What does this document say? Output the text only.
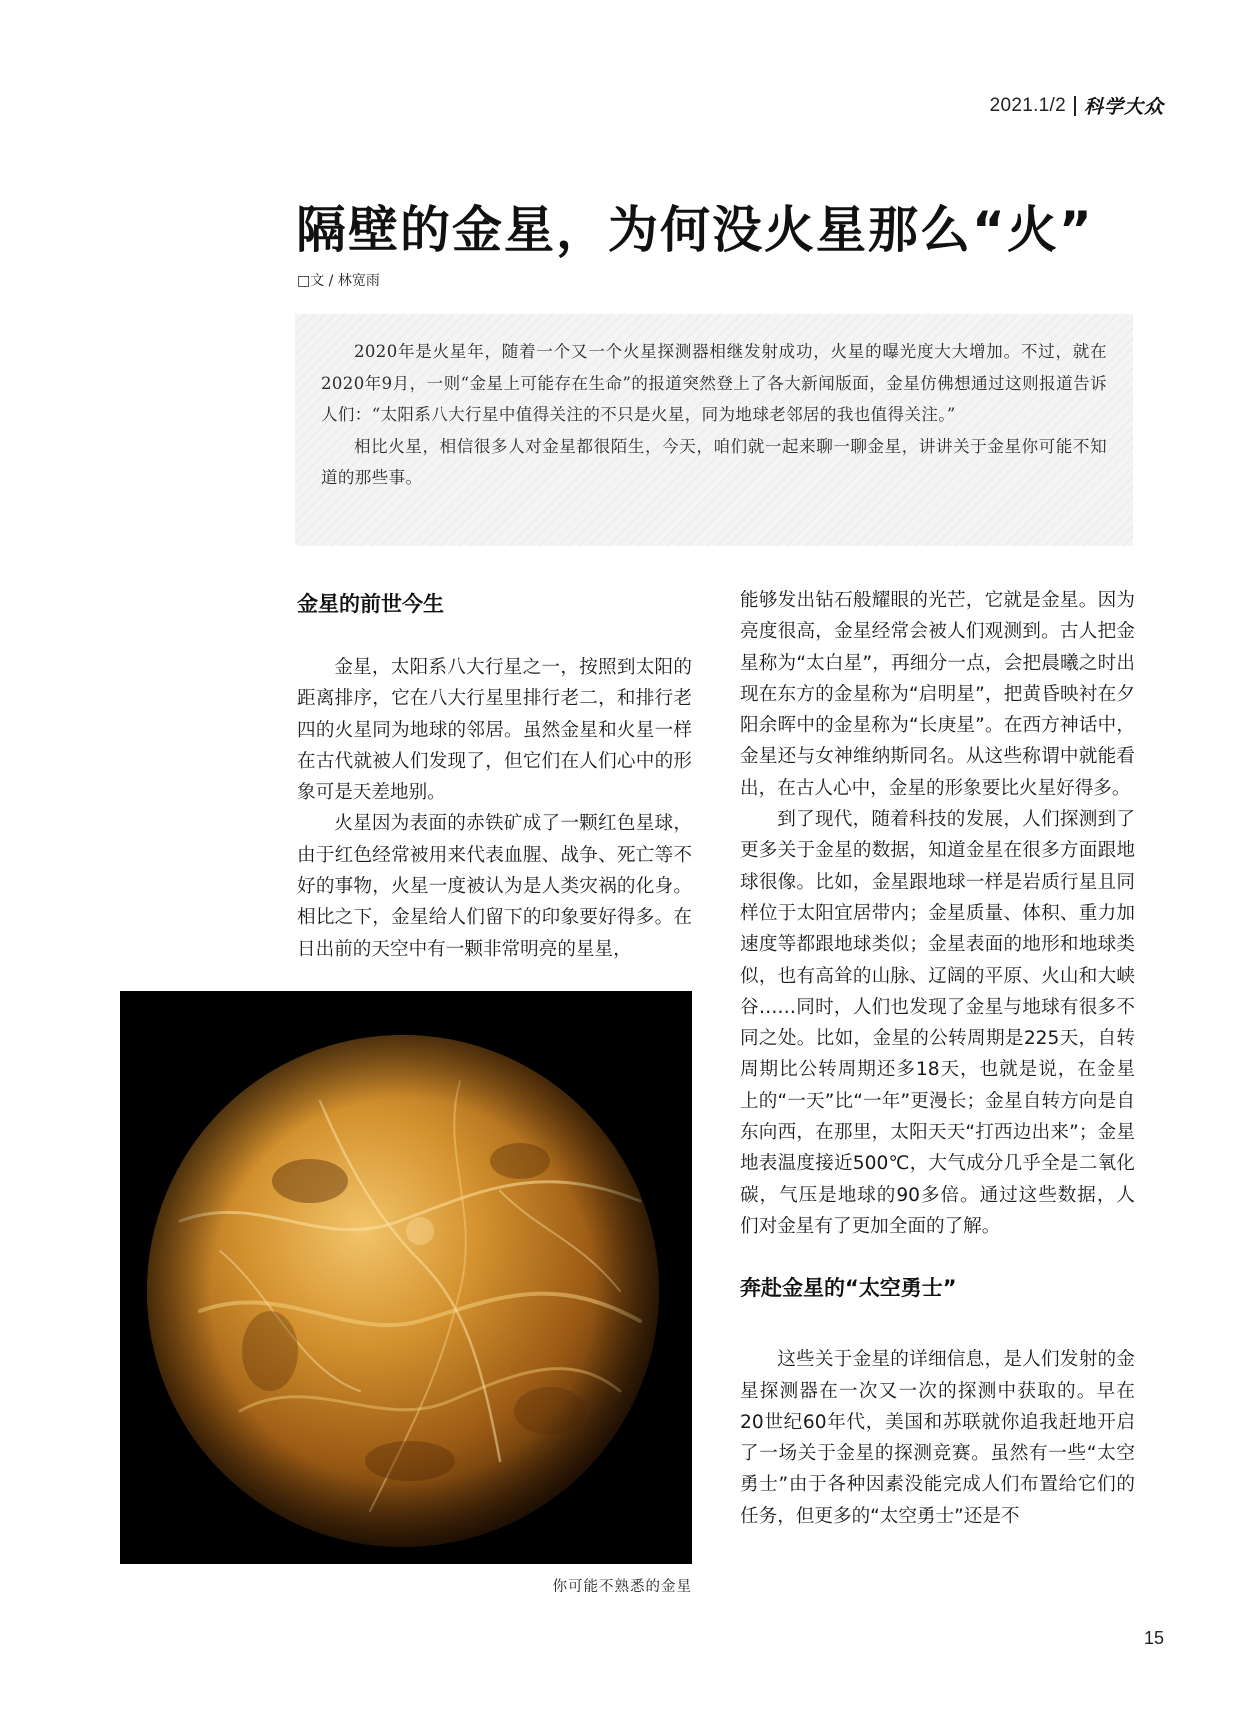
2021.1/2 科学大众
隔壁的金星，为何没火星那么“火”
□文 / 林宽雨

2020年是火星年，随着一个又一个火星探测器相继发射成功，火星的曝光度大大增加。不过，就在2020年9月，一则“金星上可能存在生命”的报道突然登上了各大新闻版面，金星仿佛想通过这则报道告诉人们：“太阳系八大行星中值得关注的不只是火星，同为地球老邻居的我也值得关注。”

相比火星，相信很多人对金星都很陌生，今天，咱们就一起来聊一聊金星，讲讲关于金星你可能不知道的那些事。

金星的前世今生

金星，太阳系八大行星之一，按照到太阳的距离排序，它在八大行星里排行老二，和排行老四的火星同为地球的邻居。虽然金星和火星一样在古代就被人们发现了，但它们在人们心中的形象可是天差地别。

火星因为表面的赤铁矿成了一颗红色星球，由于红色经常被用来代表血腥、战争、死亡等不好的事物，火星一度被认为是人类灾祸的化身。相比之下，金星给人们留下的印象要好得多。在日出前的天空中有一颗非常明亮的星星，

能够发出钻石般耀眼的光芒，它就是金星。因为亮度很高，金星经常会被人们观测到。古人把金星称为“太白星”，再细分一点，会把晨曦之时出现在东方的金星称为“启明星”，把黄昏映衬在夕阳余晖中的金星称为“长庚星”。在西方神话中，金星还与女神维纳斯同名。从这些称谓中就能看出，在古人心中，金星的形象要比火星好得多。

到了现代，随着科技的发展，人们探测到了更多关于金星的数据，知道金星在很多方面跟地球很像。比如，金星跟地球一样是岩质行星且同样位于太阳宜居带内；金星质量、体积、重力加速度等都跟地球类似；金星表面的地形和地球类似，也有高耸的山脉、辽阔的平原、火山和大峡谷……同时，人们也发现了金星与地球有很多不同之处。比如，金星的公转周期是225天，自转周期比公转周期还多18天，也就是说，在金星上的“一天”比“一年”更漫长；金星自转方向是自东向西，在那里，太阳天天“打西边出来”；金星地表温度接近500℃，大气成分几乎全是二氧化碳，气压是地球的90多倍。通过这些数据，人们对金星有了更加全面的了解。

奔赴金星的“太空勇士”

这些关于金星的详细信息，是人们发射的金星探测器在一次又一次的探测中获取的。早在20世纪60年代，美国和苏联就你追我赶地开启了一场关于金星的探测竞赛。虽然有一些“太空勇士”由于各种因素没能完成人们布置给它们的任务，但更多的“太空勇士”还是不

你可能不熟悉的金星
15
